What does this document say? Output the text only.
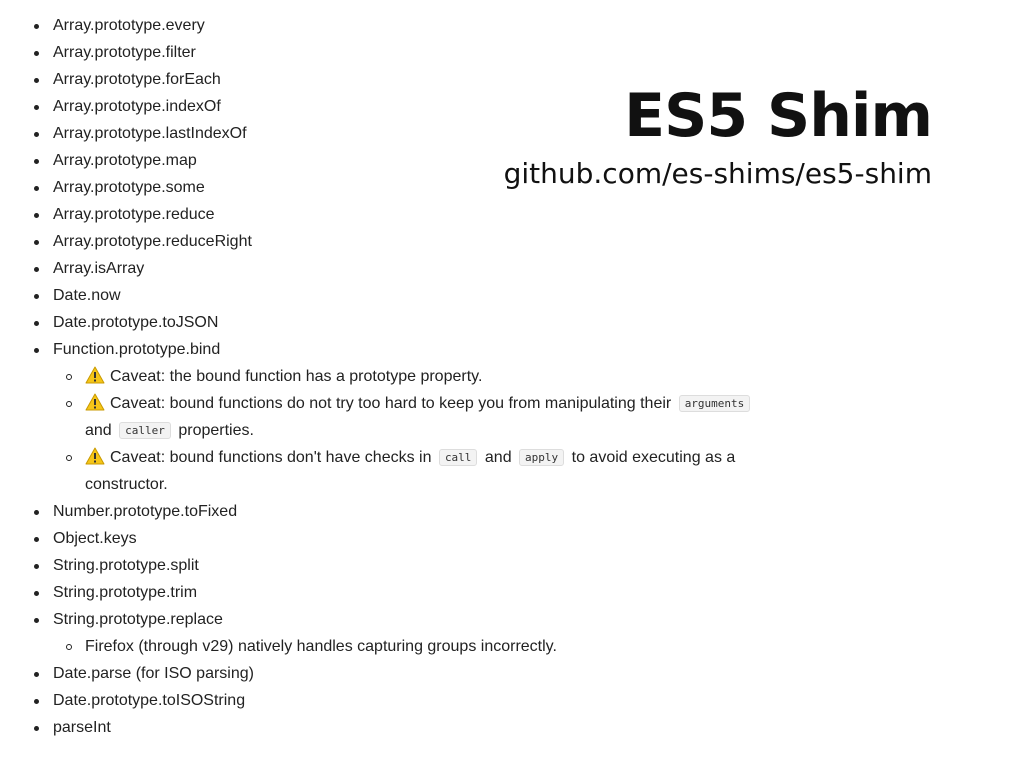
ES5 Shim
github.com/es-shims/es5-shim
Array.prototype.every
Array.prototype.filter
Array.prototype.forEach
Array.prototype.indexOf
Array.prototype.lastIndexOf
Array.prototype.map
Array.prototype.some
Array.prototype.reduce
Array.prototype.reduceRight
Array.isArray
Date.now
Date.prototype.toJSON
Function.prototype.bind
Caveat: the bound function has a prototype property.
Caveat: bound functions do not try too hard to keep you from manipulating their arguments
and caller properties.
Caveat: bound functions don't have checks in call and apply to avoid executing as a
constructor.
Number.prototype.toFixed
Object.keys
String.prototype.split
String.prototype.trim
String.prototype.replace
Firefox (through v29) natively handles capturing groups incorrectly.
Date.parse (for ISO parsing)
Date.prototype.toISOString
parseInt
